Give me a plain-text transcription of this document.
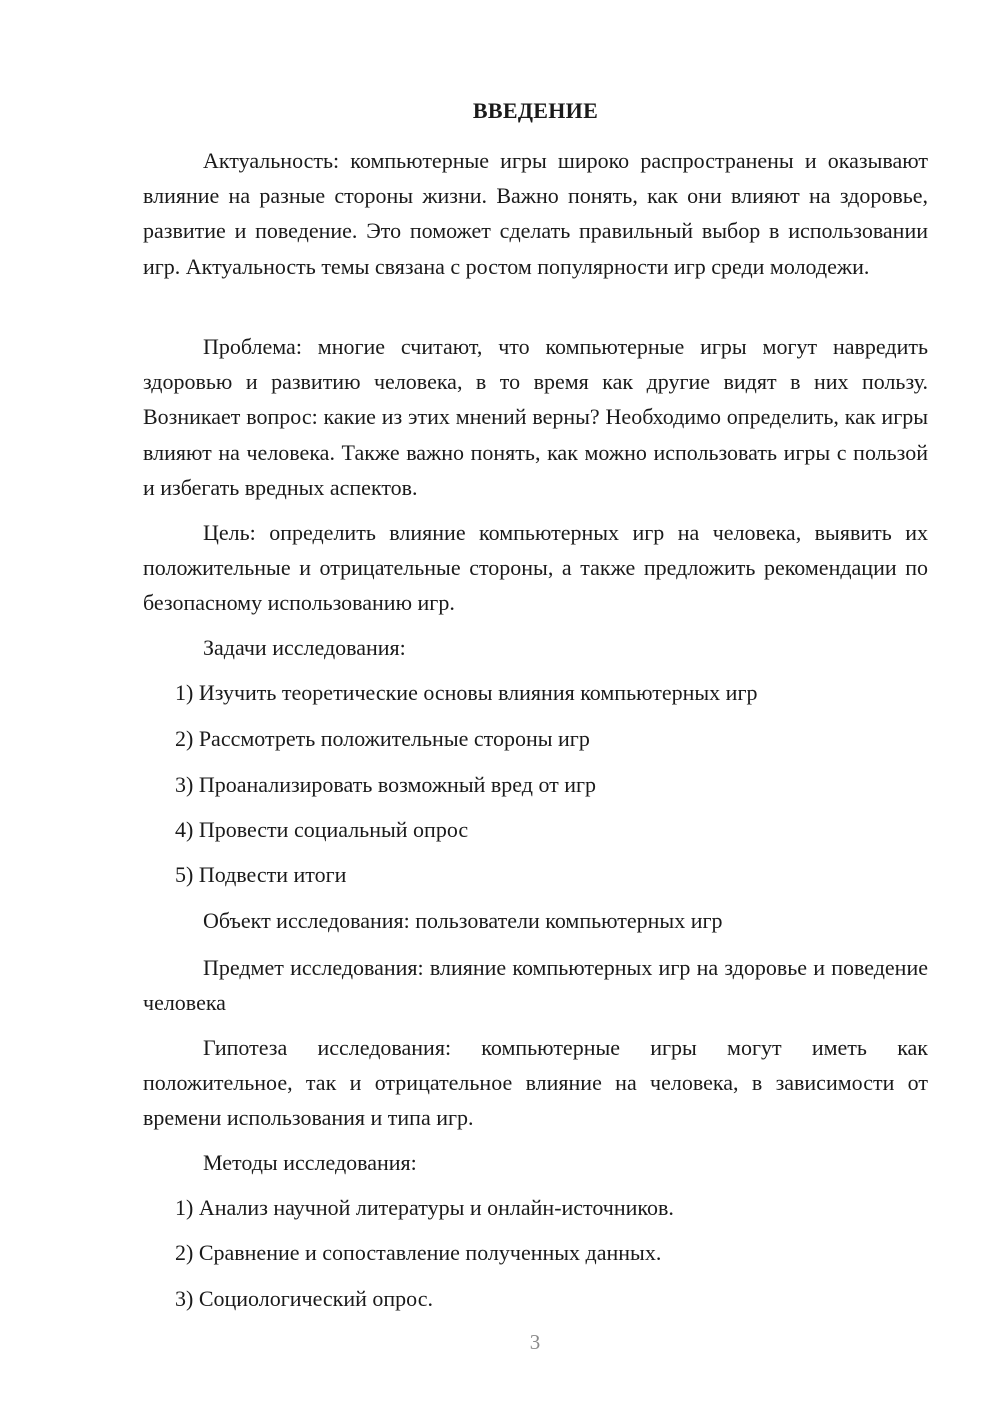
ВВЕДЕНИЕ

Актуальность: компьютерные игры широко распространены и оказывают влияние на разные стороны жизни. Важно понять, как они влияют на здоровье, развитие и поведение. Это поможет сделать правильный выбор в использовании игр. Актуальность темы связана с ростом популярности игр среди молодежи.

Проблема: многие считают, что компьютерные игры могут навредить здоровью и развитию человека, в то время как другие видят в них пользу. Возникает вопрос: какие из этих мнений верны? Необходимо определить, как игры влияют на человека. Также важно понять, как можно использовать игры с пользой и избегать вредных аспектов.

Цель: определить влияние компьютерных игр на человека, выявить их положительные и отрицательные стороны, а также предложить рекомендации по безопасному использованию игр.

Задачи исследования:

1) Изучить теоретические основы влияния компьютерных игр

2) Рассмотреть положительные стороны игр

3) Проанализировать возможный вред от игр

4) Провести социальный опрос

5) Подвести итоги

Объект исследования: пользователи компьютерных игр

Предмет исследования: влияние компьютерных игр на здоровье и поведение человека

Гипотеза исследования: компьютерные игры могут иметь как положительное, так и отрицательное влияние на человека, в зависимости от времени использования и типа игр.

Методы исследования:

1) Анализ научной литературы и онлайн-источников.

2) Сравнение и сопоставление полученных данных.

3) Социологический опрос.

3
